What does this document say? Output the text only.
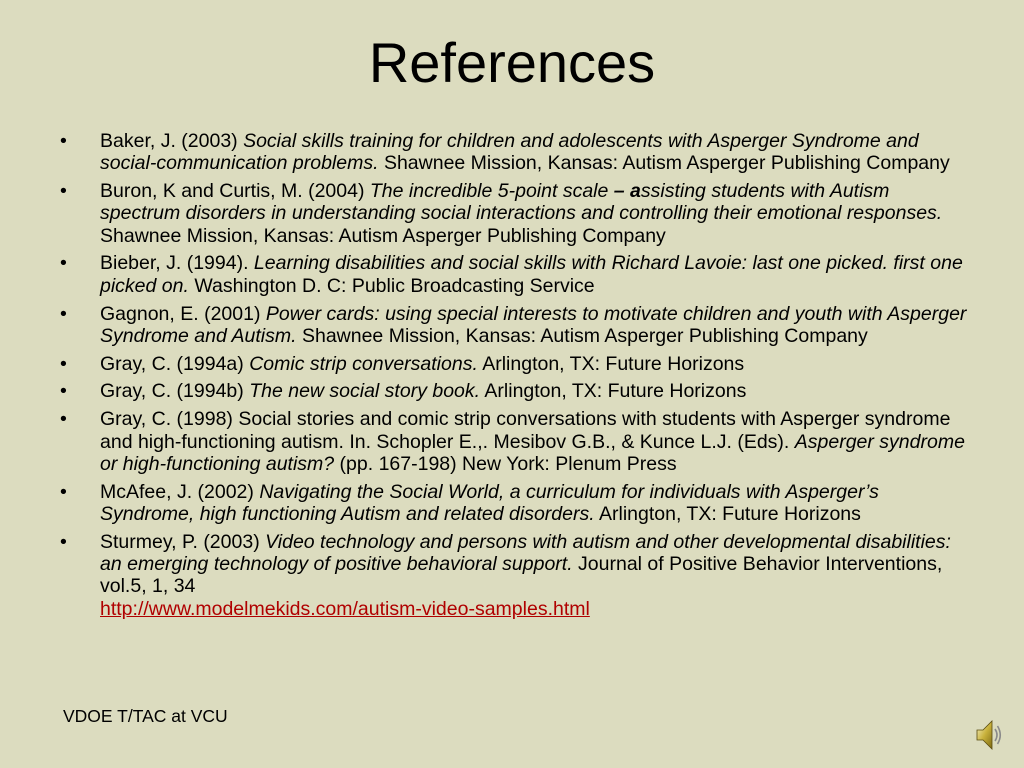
References
• Baker, J. (2003) Social skills training for children and adolescents with Asperger Syndrome and social-communication problems. Shawnee Mission, Kansas: Autism Asperger Publishing Company
• Buron, K and Curtis, M. (2004) The incredible 5-point scale – assisting students with Autism spectrum disorders in understanding social interactions and controlling their emotional responses. Shawnee Mission, Kansas: Autism Asperger Publishing Company
• Bieber, J. (1994). Learning disabilities and social skills with Richard Lavoie: last one picked. first one picked on. Washington D. C: Public Broadcasting Service
• Gagnon, E. (2001) Power cards: using special interests to motivate children and youth with Asperger Syndrome and Autism. Shawnee Mission, Kansas: Autism Asperger Publishing Company
• Gray, C. (1994a) Comic strip conversations. Arlington, TX: Future Horizons
• Gray, C. (1994b) The new social story book. Arlington, TX: Future Horizons
• Gray, C. (1998) Social stories and comic strip conversations with students with Asperger syndrome and high-functioning autism. In. Schopler E.,. Mesibov G.B., & Kunce L.J. (Eds). Asperger syndrome or high-functioning autism? (pp. 167-198) New York: Plenum Press
• McAfee, J. (2002) Navigating the Social World, a curriculum for individuals with Asperger’s Syndrome, high functioning Autism and related disorders. Arlington, TX: Future Horizons
• Sturmey, P. (2003) Video technology and persons with autism and other developmental disabilities: an emerging technology of positive behavioral support. Journal of Positive Behavior Interventions, vol.5, 1, 34
http://www.modelmekids.com/autism-video-samples.html
VDOE T/TAC at VCU
